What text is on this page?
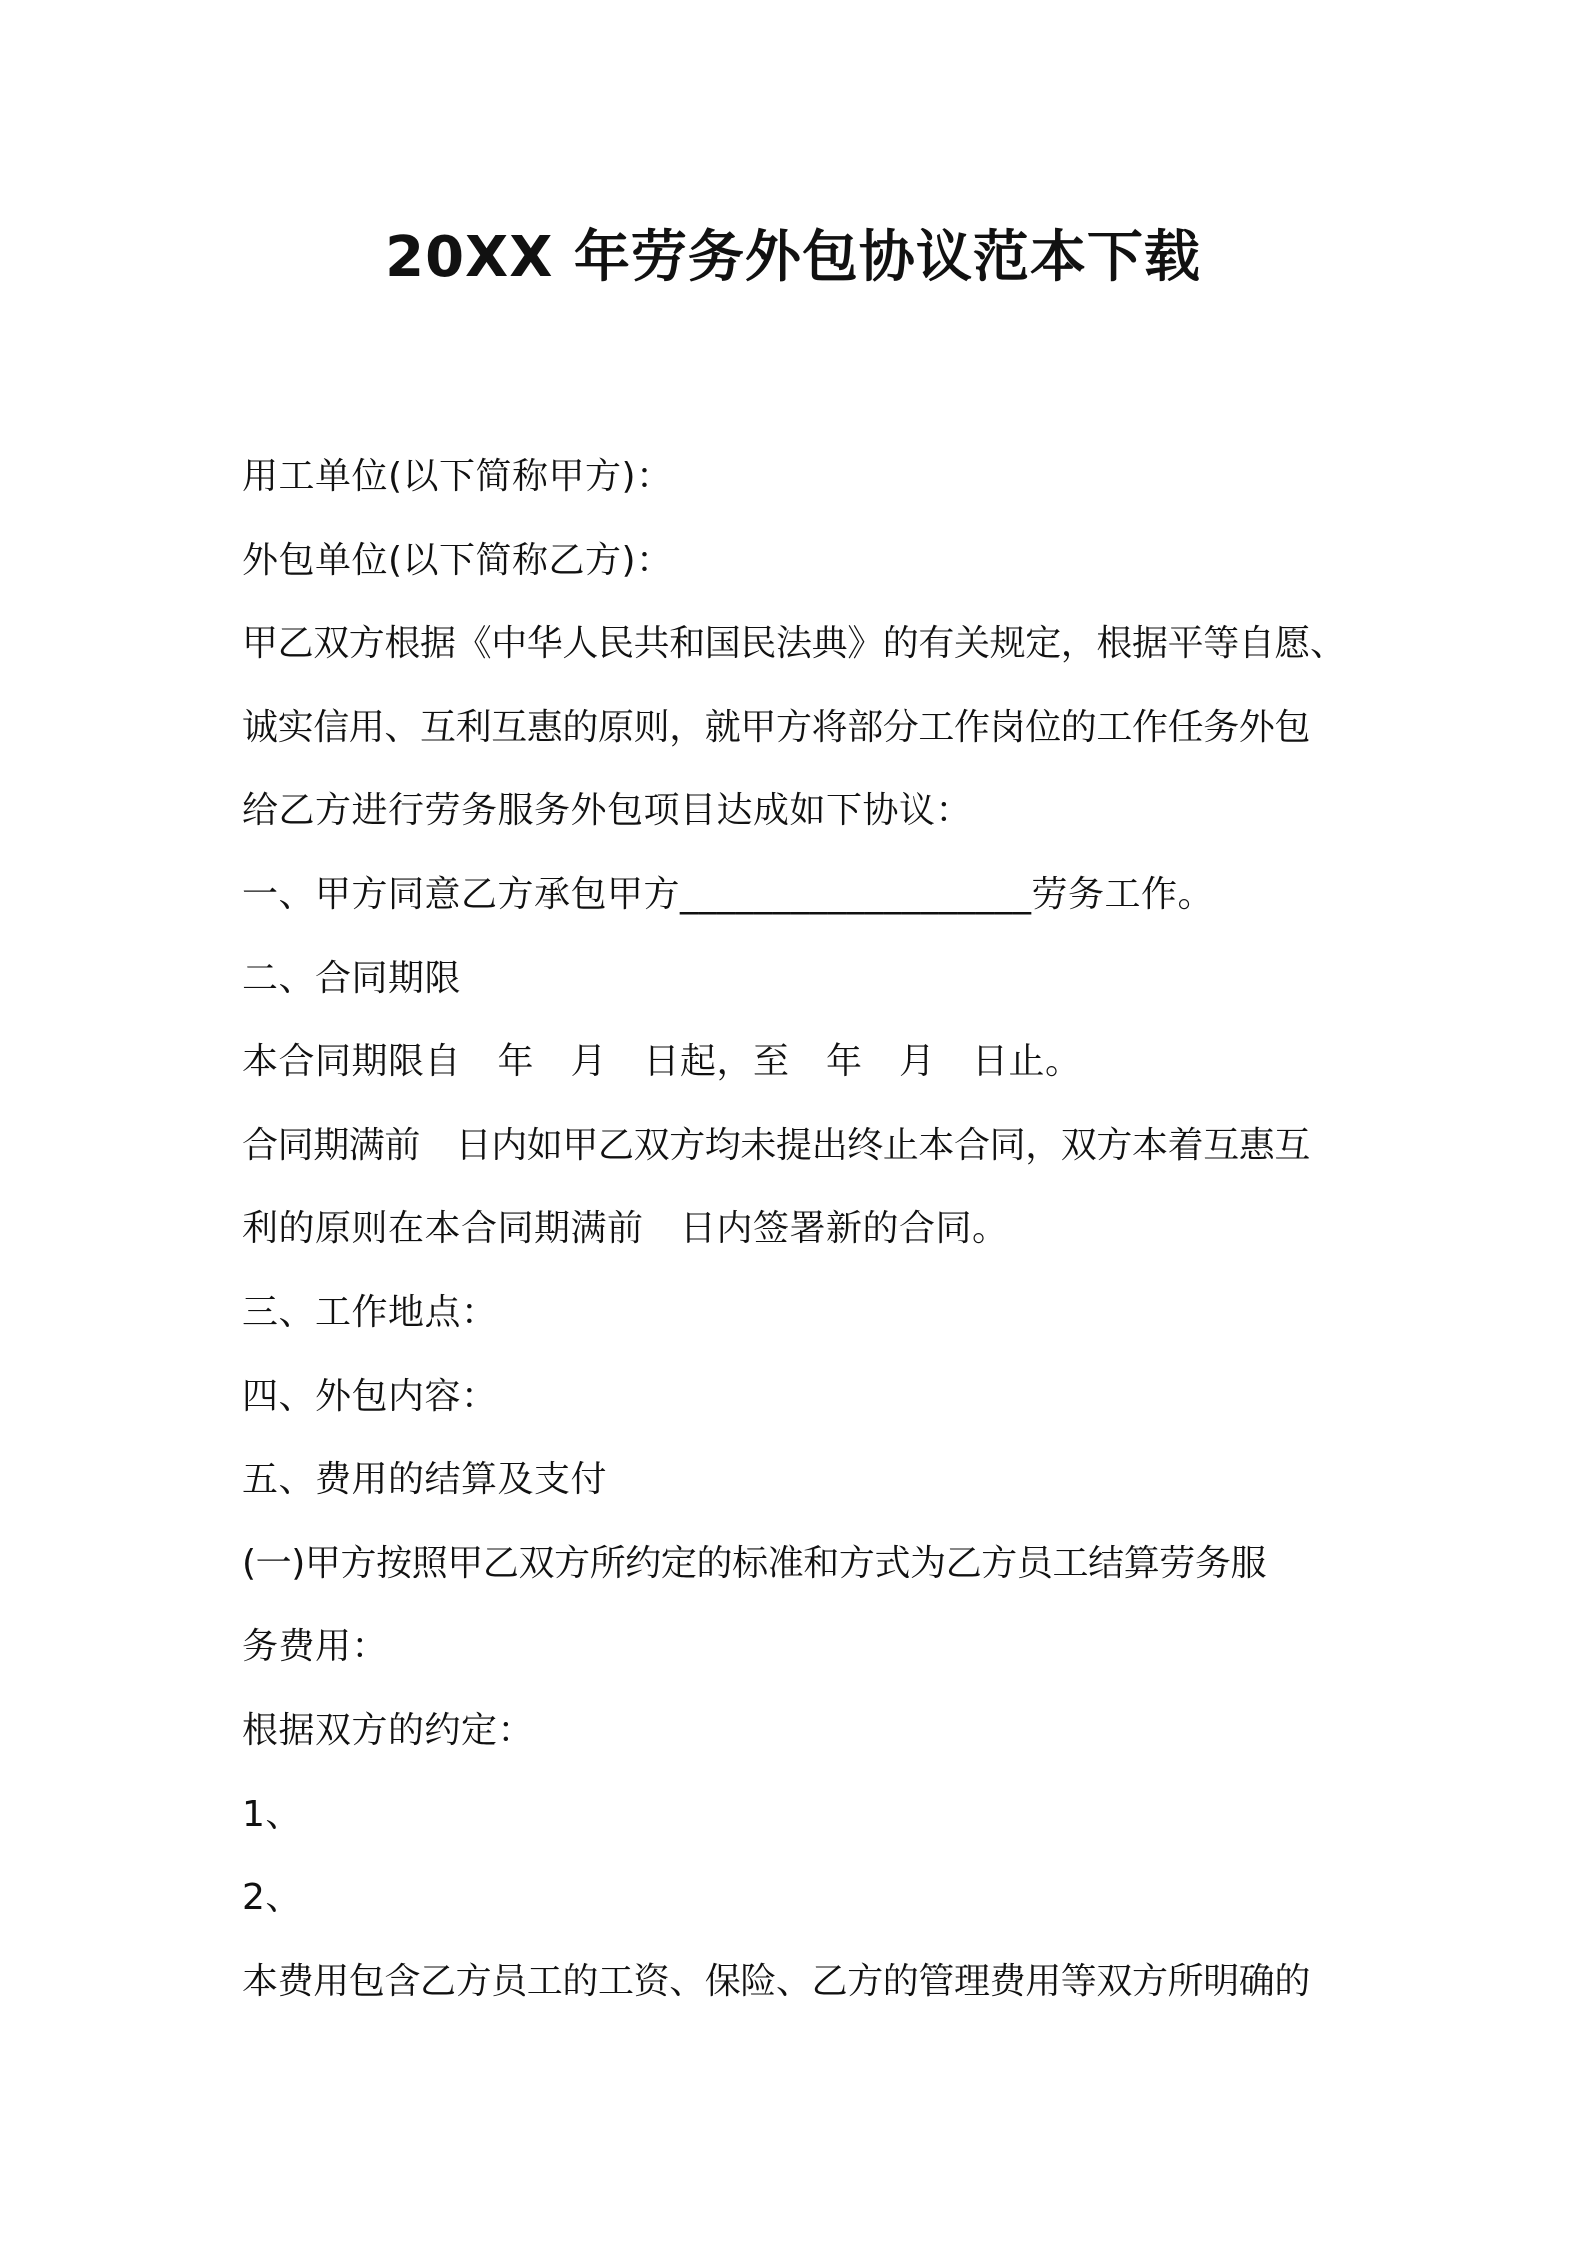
20XX 年劳务外包协议范本下载
用工单位(以下简称甲方)：
外包单位(以下简称乙方)：
甲乙双方根据《中华人民共和国民法典》的有关规定，根据平等自愿、
诚实信用、互利互惠的原则，就甲方将部分工作岗位的工作任务外包
给乙方进行劳务服务外包项目达成如下协议：
一、甲方同意乙方承包甲方___________________劳务工作。
二、合同期限
本合同期限自　年　月　日起，至　年　月　日止。
合同期满前　日内如甲乙双方均未提出终止本合同，双方本着互惠互
利的原则在本合同期满前　日内签署新的合同。
三、工作地点：
四、外包内容：
五、费用的结算及支付
(一)甲方按照甲乙双方所约定的标准和方式为乙方员工结算劳务服
务费用：
根据双方的约定：
1、
2、
本费用包含乙方员工的工资、保险、乙方的管理费用等双方所明确的
